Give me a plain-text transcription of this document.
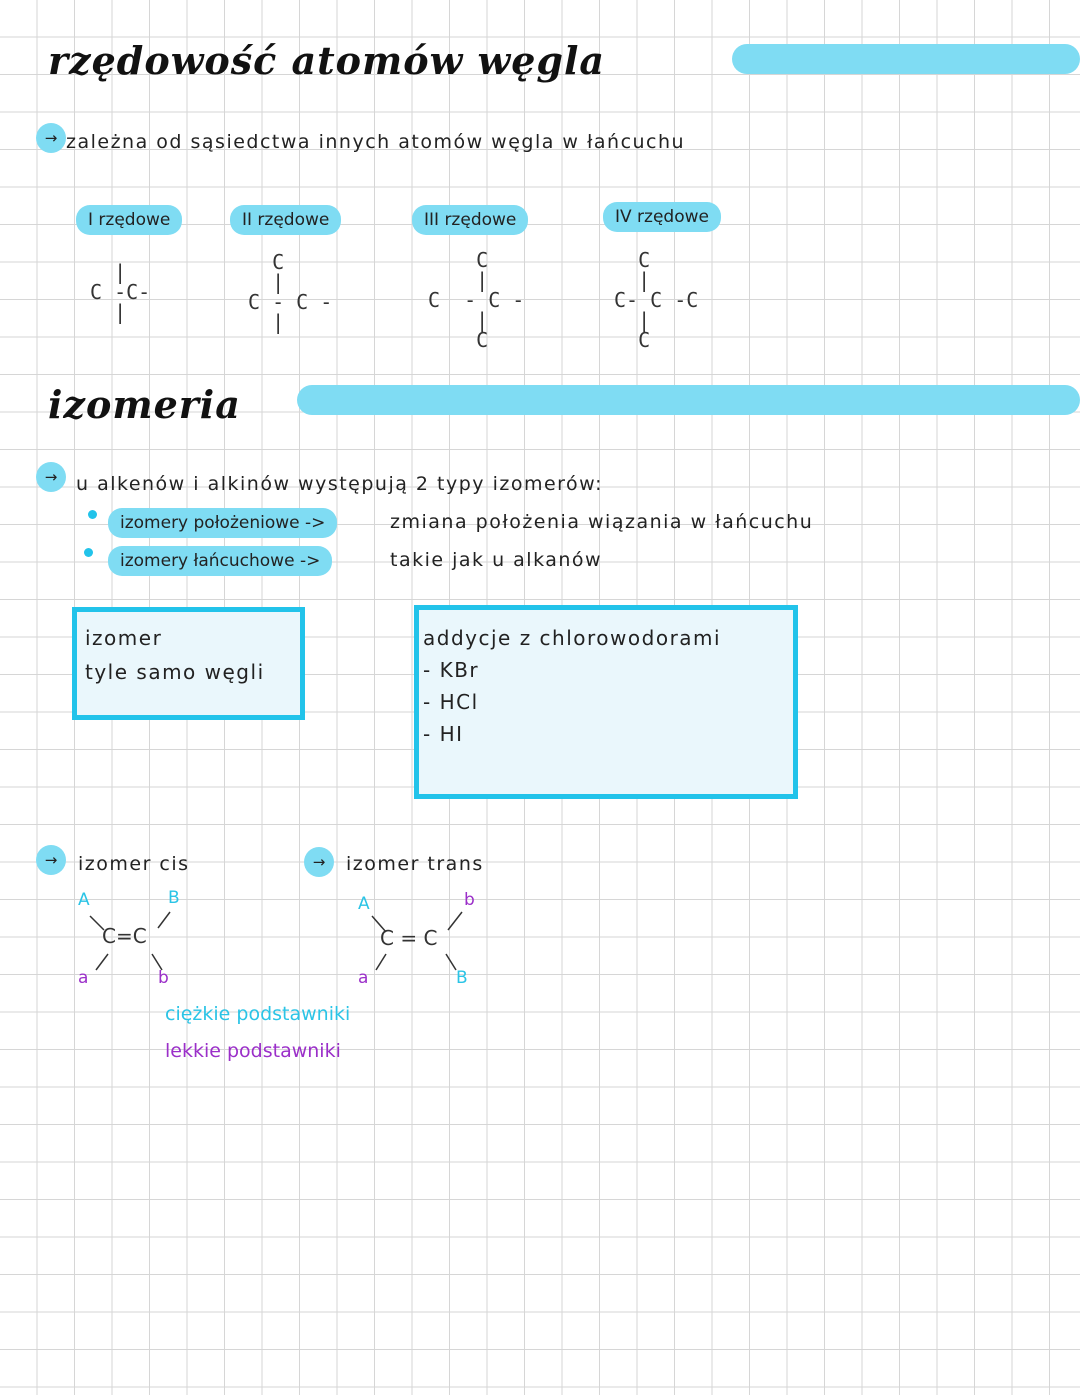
rzędowość atomów węgla
→ zależna od sąsiedctwa innych atomów węgla w łańcuchu
I rzędowe	II rzędowe	III rzędowe	IV rzędowe
|
C -C-
|
C
|
C - C -
|
C
|
C  - C -
|
C
C
|
C- C -C
|
C
izomeria
→ u alkenów i alkinów występują 2 typy izomerów:
izomery położeniowe ->	zmiana położenia wiązania w łańcuchu
izomery łańcuchowe ->	takie jak u alkanów
izomer
tyle samo węgli
addycje z chlorowodorami
- KBr
- HCl
- HI
→	izomer cis	→	izomer trans
A	B
C=C
a	b
A	b
C = C
a	B
ciężkie podstawniki
lekkie podstawniki
